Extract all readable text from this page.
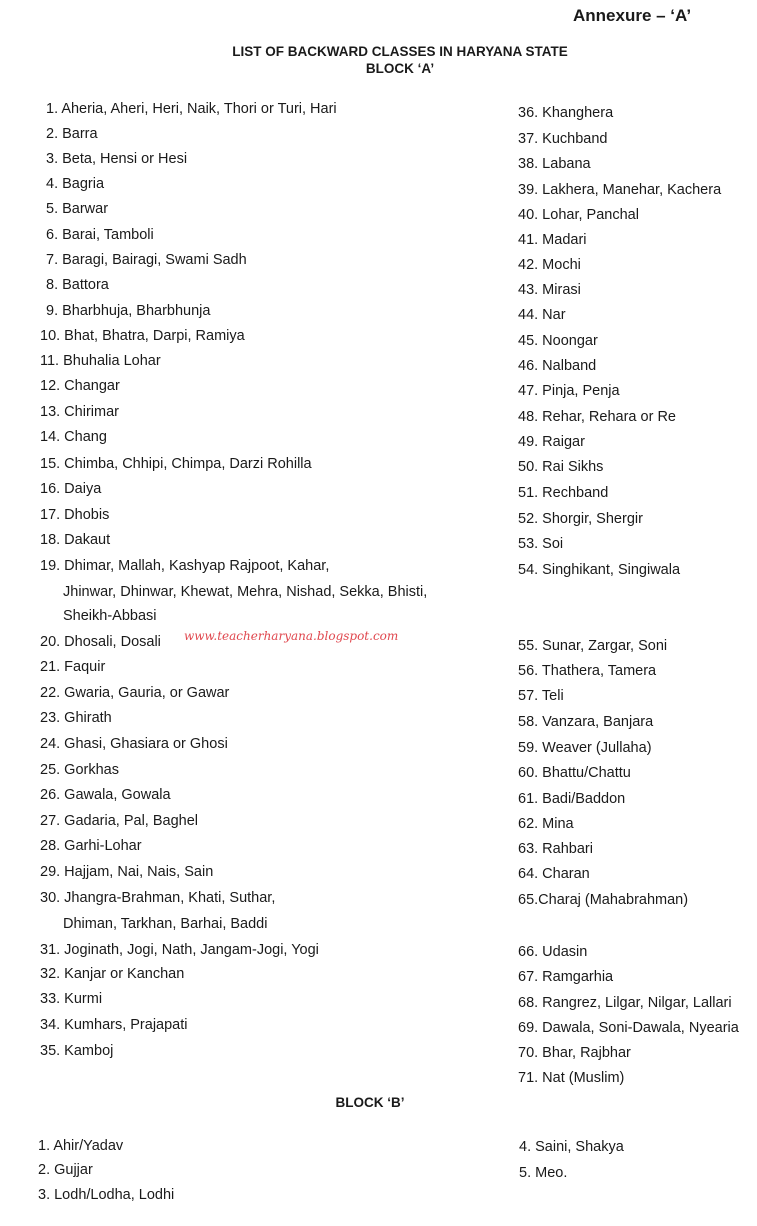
Annexure – ‘A’
LIST OF BACKWARD CLASSES IN HARYANA STATE
BLOCK ‘A’
1. Aheria, Aheri, Heri, Naik, Thori or Turi, Hari
2. Barra
3. Beta, Hensi or Hesi
4. Bagria
5. Barwar
6. Barai, Tamboli
7. Baragi, Bairagi, Swami Sadh
8. Battora
9. Bharbhuja, Bharbhunja
10. Bhat, Bhatra, Darpi, Ramiya
11. Bhuhalia Lohar
12. Changar
13. Chirimar
14. Chang
15. Chimba, Chhipi, Chimpa, Darzi Rohilla
16. Daiya
17. Dhobis
18. Dakaut
19. Dhimar, Mallah, Kashyap Rajpoot, Kahar,
20. Dhosali, Dosali
21. Faquir
22. Gwaria, Gauria, or Gawar
23. Ghirath
24. Ghasi, Ghasiara or Ghosi
25. Gorkhas
26. Gawala, Gowala
27. Gadaria, Pal, Baghel
28. Garhi-Lohar
29. Hajjam, Nai, Nais, Sain
30. Jhangra-Brahman, Khati, Suthar,
31. Joginath, Jogi, Nath, Jangam-Jogi, Yogi
32. Kanjar or Kanchan
33. Kurmi
34. Kumhars, Prajapati
35. Kamboj
Jhinwar, Dhinwar, Khewat, Mehra, Nishad, Sekka, Bhisti,
Sheikh-Abbasi
Dhiman, Tarkhan, Barhai, Baddi
36. Khanghera
37. Kuchband
38. Labana
39. Lakhera, Manehar, Kachera
40. Lohar, Panchal
41. Madari
42. Mochi
43. Mirasi
44. Nar
45. Noongar
46. Nalband
47. Pinja, Penja
48. Rehar, Rehara or Re
49. Raigar
50. Rai Sikhs
51. Rechband
52. Shorgir, Shergir
53. Soi
54. Singhikant, Singiwala
55. Sunar, Zargar, Soni
56. Thathera, Tamera
57. Teli
58. Vanzara, Banjara
59. Weaver (Jullaha)
60. Bhattu/Chattu
61. Badi/Baddon
62. Mina
63. Rahbari
64. Charan
65.Charaj (Mahabrahman)
66. Udasin
67. Ramgarhia
68. Rangrez, Lilgar, Nilgar, Lallari
69. Dawala, Soni-Dawala, Nyearia
70. Bhar, Rajbhar
71. Nat (Muslim)
www.teacherharyana.blogspot.com
BLOCK ‘B’
1. Ahir/Yadav
2. Gujjar
3. Lodh/Lodha, Lodhi
4. Saini, Shakya
5. Meo.
